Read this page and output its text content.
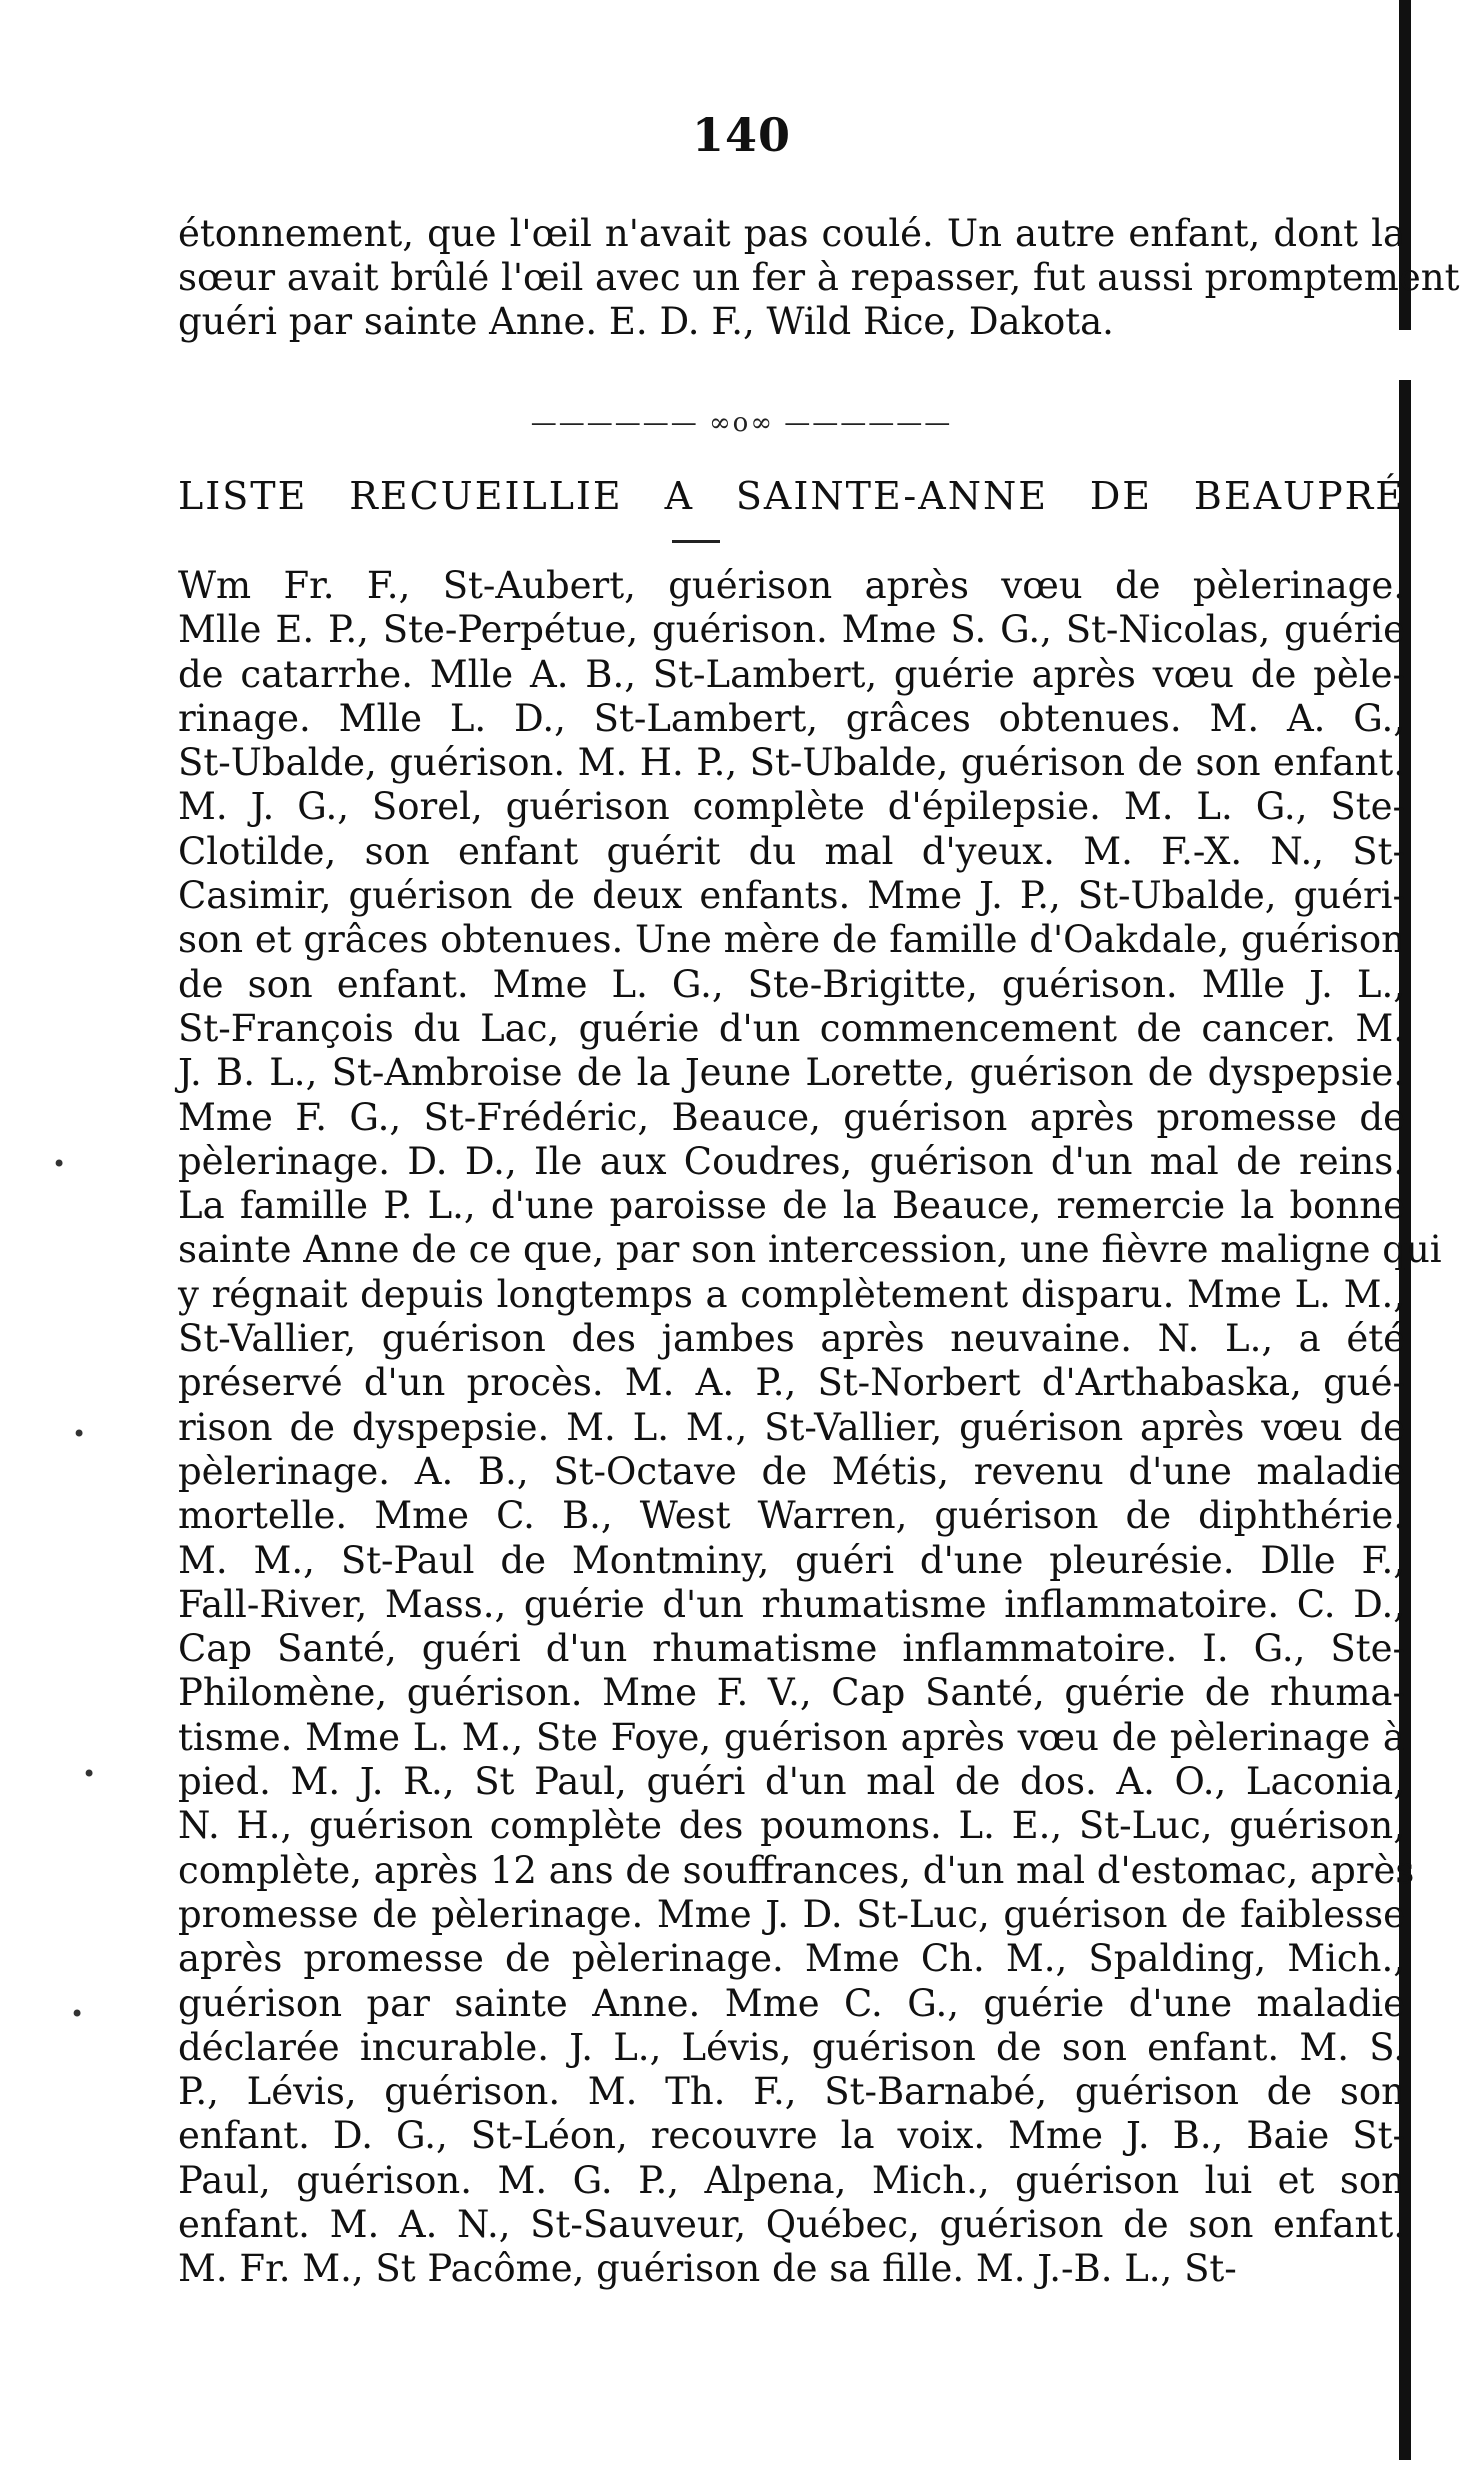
140
étonnement, que l'œil n'avait pas coulé. Un autre enfant, dont la
sœur avait brûlé l'œil avec un fer à repasser, fut aussi promptement
guéri par sainte Anne. E. D. F., Wild Rice, Dakota.
—————— ∞o∞ ——————
LISTE RECUEILLIE A SAINTE-ANNE DE BEAUPRÉ
Wm Fr. F., St-Aubert, guérison après vœu de pèlerinage.
Mlle E. P., Ste-Perpétue, guérison. Mme S. G., St-Nicolas, guérie
de catarrhe. Mlle A. B., St-Lambert, guérie après vœu de pèle-
rinage. Mlle L. D., St-Lambert, grâces obtenues. M. A. G.,
St-Ubalde, guérison. M. H. P., St-Ubalde, guérison de son enfant.
M. J. G., Sorel, guérison complète d'épilepsie. M. L. G., Ste-
Clotilde, son enfant guérit du mal d'yeux. M. F.-X. N., St-
Casimir, guérison de deux enfants. Mme J. P., St-Ubalde, guéri-
son et grâces obtenues. Une mère de famille d'Oakdale, guérison
de son enfant. Mme L. G., Ste-Brigitte, guérison. Mlle J. L.,
St-François du Lac, guérie d'un commencement de cancer. M.
J. B. L., St-Ambroise de la Jeune Lorette, guérison de dyspepsie.
Mme F. G., St-Frédéric, Beauce, guérison après promesse de
pèlerinage. D. D., Ile aux Coudres, guérison d'un mal de reins.
La famille P. L., d'une paroisse de la Beauce, remercie la bonne
sainte Anne de ce que, par son intercession, une fièvre maligne qui
y régnait depuis longtemps a complètement disparu. Mme L. M.,
St-Vallier, guérison des jambes après neuvaine. N. L., a été
préservé d'un procès. M. A. P., St-Norbert d'Arthabaska, gué-
rison de dyspepsie. M. L. M., St-Vallier, guérison après vœu de
pèlerinage. A. B., St-Octave de Métis, revenu d'une maladie
mortelle. Mme C. B., West Warren, guérison de diphthérie.
M. M., St-Paul de Montminy, guéri d'une pleurésie. Dlle F.,
Fall-River, Mass., guérie d'un rhumatisme inflammatoire. C. D.,
Cap Santé, guéri d'un rhumatisme inflammatoire. I. G., Ste-
Philomène, guérison. Mme F. V., Cap Santé, guérie de rhuma-
tisme. Mme L. M., Ste Foye, guérison après vœu de pèlerinage à
pied. M. J. R., St Paul, guéri d'un mal de dos. A. O., Laconia,
N. H., guérison complète des poumons. L. E., St-Luc, guérison,
complète, après 12 ans de souffrances, d'un mal d'estomac, après
promesse de pèlerinage. Mme J. D. St-Luc, guérison de faiblesse
après promesse de pèlerinage. Mme Ch. M., Spalding, Mich.,
guérison par sainte Anne. Mme C. G., guérie d'une maladie
déclarée incurable. J. L., Lévis, guérison de son enfant. M. S.
P., Lévis, guérison. M. Th. F., St-Barnabé, guérison de son
enfant. D. G., St-Léon, recouvre la voix. Mme J. B., Baie St-
Paul, guérison. M. G. P., Alpena, Mich., guérison lui et son
enfant. M. A. N., St-Sauveur, Québec, guérison de son enfant.
M. Fr. M., St Pacôme, guérison de sa fille. M. J.-B. L., St-
•
•
•
•
